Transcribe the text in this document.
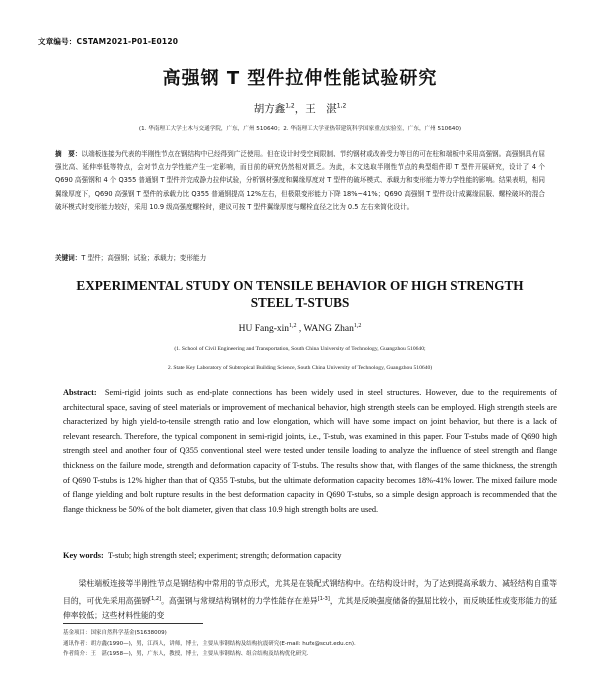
文章编号：CSTAM2021-P01-E0120
高强钢 T 型件拉伸性能试验研究
胡方鑫$^{1,2}$，王　湛$^{1,2}$
(1. 华南理工大学土木与交通学院，广东，广州 510640；2. 华南理工大学亚热带建筑科学国家重点实验室，广东，广州 510640)
摘　要：以端板连接为代表的半刚性节点在钢结构中已经得到广泛使用。但在设计时受空间限制、节约钢材或改善受力等目的可在柱和端板中采用高强钢。高强钢具有屈强比高、延伸率低等特点，会对节点力学性能产生一定影响，而目前的研究仍然相对匮乏。为此，本文选取半刚性节点的典型组件即 T 型件开展研究，设计了 4 个 Q690 高强钢和 4 个 Q355 普通钢 T 型件并完成静力拉伸试验，分析钢材强度和翼缘厚度对 T 型件的破坏模式、承载力和变形能力等力学性能的影响。结果表明，相同翼缘厚度下，Q690 高强钢 T 型件的承载力比 Q355 普通钢提高 12%左右，但极限变形能力下降 18%~41%；Q690 高强钢 T 型件设计成翼缘屈服、螺栓破坏的混合破坏模式时变形能力较好，采用 10.9 级高强度螺栓时，建议可按 T 型件翼缘厚度与螺栓直径之比为 0.5 左右来简化设计。
关键词：T 型件；高强钢；试验；承载力；变形能力
EXPERIMENTAL STUDY ON TENSILE BEHAVIOR OF HIGH STRENGTH
STEEL T-STUBS
HU Fang-xin$^{1,2}$ , WANG Zhan$^{1,2}$
(1. School of Civil Engineering and Transportation, South China University of Technology, Guangzhou 510640;
2. State Key Laboratory of Subtropical Building Science, South China University of Technology, Guangzhou 510640)
Abstract: Semi-rigid joints such as end-plate connections has been widely used in steel structures. However, due to the requirements of architectural space, saving of steel materials or improvement of mechanical behavior, high strength steels can be employed. High strength steels are characterized by high yield-to-tensile strength ratio and low elongation, which will have some impact on joint behavior, but there is a lack of relevant research. Therefore, the typical component in semi-rigid joints, i.e., T-stub, was examined in this paper. Four T-stubs made of Q690 high strength steel and another four of Q355 conventional steel were tested under tensile loading to analyze the influence of steel strength and flange thickness on the failure mode, strength and deformation capacity of T-stubs. The results show that, with flanges of the same thickness, the strength of Q690 T-stubs is 12% higher than that of Q355 T-stubs, but the ultimate deformation capacity becomes 18%-41% lower. The mixed failure mode of flange yielding and bolt rupture results in the best deformation capacity in Q690 T-stubs, so a simple design approach is recommended that the flange thickness be 50% of the bolt diameter, given that class 10.9 high strength bolts are used.
Key words: T-stub; high strength steel; experiment; strength; deformation capacity
梁柱端板连接等半刚性节点是钢结构中常用的节点形式，尤其是在装配式钢结构中。在结构设计时，为了达到提高承载力、减轻结构自重等目的，可优先采用高强钢[1,2]。高强钢与常规结构钢材的力学性能存在差异[1-3]，尤其是反映强度储备的强屈比较小，而反映延性或变形能力的延伸率较低；这些材料性能的变
基金项目：国家自然科学基金(51638009)
通讯作者：胡方鑫(1990—)，男，江西人，讲师，博士，主要从事钢结构及结构抗震研究(E-mail: hufx@scut.edu.cn).
作者简介：王　湛(1958—)，男，广东人，教授，博士，主要从事钢结构、组合结构及结构优化研究.
